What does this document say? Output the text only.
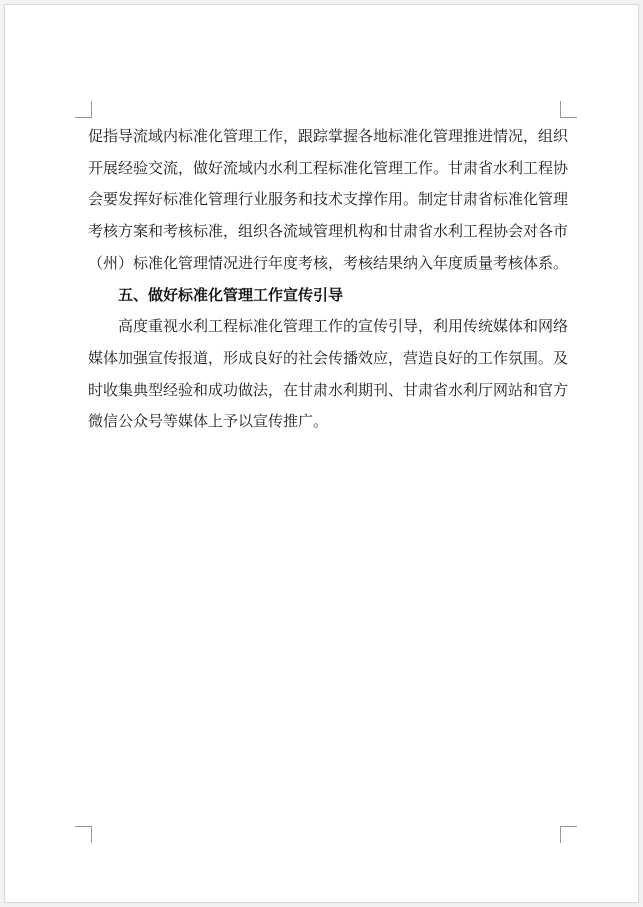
促指导流域内标准化管理工作，跟踪掌握各地标准化管理推进情况，组织开展经验交流，做好流域内水利工程标准化管理工作。甘肃省水利工程协会要发挥好标准化管理行业服务和技术支撑作用。制定甘肃省标准化管理考核方案和考核标准，组织各流域管理机构和甘肃省水利工程协会对各市（州）标准化管理情况进行年度考核，考核结果纳入年度质量考核体系。

五、做好标准化管理工作宣传引导

高度重视水利工程标准化管理工作的宣传引导，利用传统媒体和网络媒体加强宣传报道，形成良好的社会传播效应，营造良好的工作氛围。及时收集典型经验和成功做法，在甘肃水利期刊、甘肃省水利厅网站和官方微信公众号等媒体上予以宣传推广。
